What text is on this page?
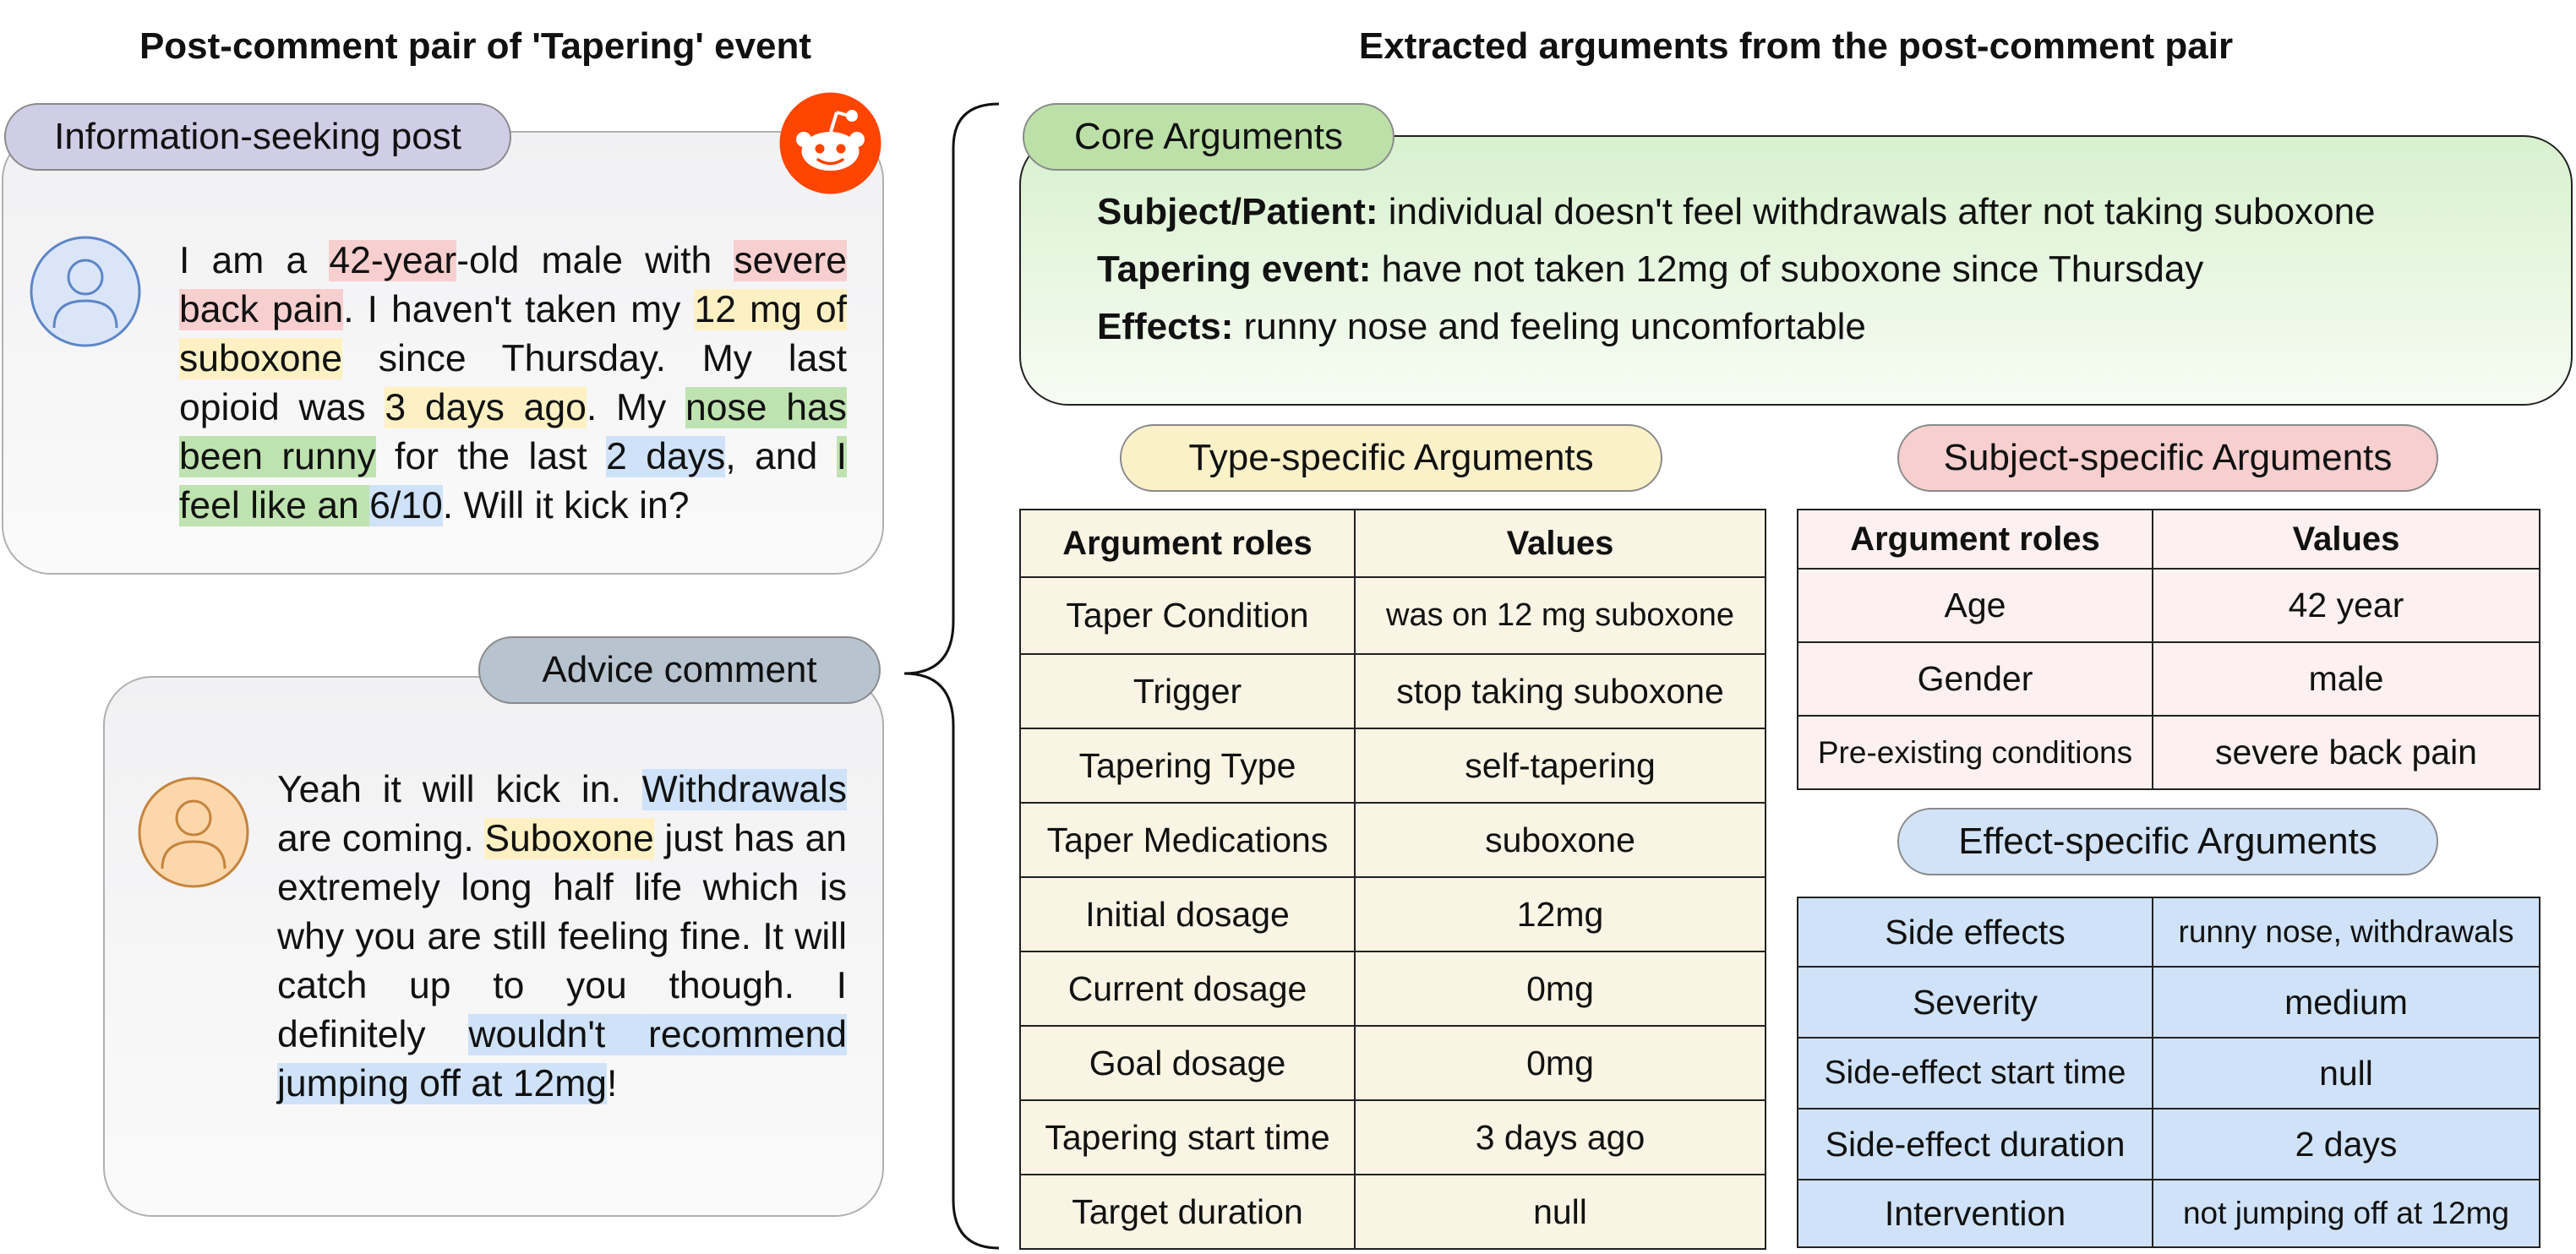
Post-comment pair of 'Tapering' event	Extracted arguments from the post-comment pair
Information-seeking post
I am a 42-year-old male with severe back pain. I haven't taken my 12 mg of suboxone since Thursday. My last opioid was 3 days ago. My nose has been runny for the last 2 days, and I feel like an 6/10. Will it kick in?
Advice comment
Yeah it will kick in. Withdrawals are coming. Suboxone just has an extremely long half life which is why you are still feeling fine. It will catch up to you though. I definitely wouldn't recommend jumping off at 12mg!
Core Arguments
Subject/Patient: individual doesn't feel withdrawals after not taking suboxone
Tapering event: have not taken 12mg of suboxone since Thursday
Effects: runny nose and feeling uncomfortable
Type-specific Arguments
Argument roles	Values
Taper Condition	was on 12 mg suboxone
Trigger	stop taking suboxone
Tapering Type	self-tapering
Taper Medications	suboxone
Initial dosage	12mg
Current dosage	0mg
Goal dosage	0mg
Tapering start time	3 days ago
Target duration	null
Subject-specific Arguments
Argument roles	Values
Age	42 year
Gender	male
Pre-existing conditions	severe back pain
Effect-specific Arguments
Side effects	runny nose, withdrawals
Severity	medium
Side-effect start time	null
Side-effect duration	2 days
Intervention	not jumping off at 12mg
